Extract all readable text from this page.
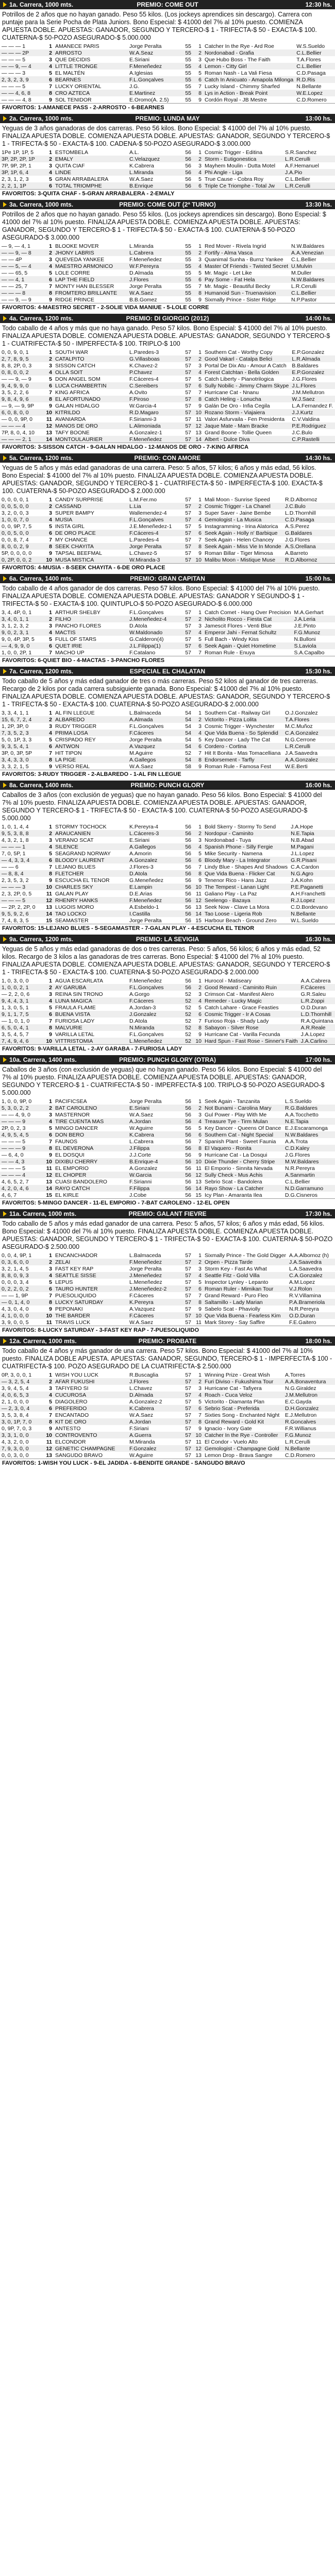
1a. Carrera, 1000 mts.	PREMIO: COME OUT	12:30 hs.
Potrillos de 2 años que no hayan ganado. Peso 55 kilos. (Los jockeys aprendices sin descargo). Carrera con puntaje para la Serie Pocha de Plata Juniors. Bono Especial: $ 41000 del 7% al 10% puesto. COMIENZA APUESTA DOBLE. APUESTAS: GANADOR, SEGUNDO Y TERCERO-$ 1 - TRIFECTA-$ 50 - EXACTA-$ 100. CUATERNA-$ 50-POZO ASEGURADO-$ 5.000.000
— — — 1	1	AMANECE PARIS	Jorge Peralta	55	1	Catcher In the Rye - Ard Roe	W.S.Sueldo
— — — 2P	2	ARROSTO	W.A.Seaz	55	2	Nordonabad - Grafia	C.L.Bellier
— — — 5	3	QUE DECIDIS	E.Siriani	55	3	Que Hubo Boss - The Faith	T.A.Flores
— — 9, — 4	4	LITTLE TRONGE	F.Meneñedez	55	4	Lemon - Citty Girl	C.L.Bellier
— — — 3	5	EL MALTÉN	A.Iglesias	55	5	Roman Nash - La Vali Fiesa	C.D.Pasaga
2, 3, 2, 3, 9	6	BEARNES	F.L.Gonçalves	55	6	Catch In Anicuato - Amapola Milonga	R.D.Ris
— — — 5	7	LUCKY ORIENTAL	J.G.	55	7	Lucky Island - Chimmy Sharfed	N.Bellante
— — 4, 6, 8	8	CRO AZTECA	E.Martinez	55	8	Lys in Action - Break Point	W.E.Lopez
— — — 4, 8	9	SOL TENIDOR	E.Oromo(A. 2.5)	55	9	Cordón Royal - JB Mestre	C.D.Romero
FAVORITOS: 1-AMANECE PASS - 2-ARROSTO - 6-BEARNES
2a. Carrera, 1000 mts.	PREMIO: LUNDA MAY	13:00 hs.
Yeguas de 3 años ganadoras de dos carreras. Peso 56 kilos. Bono Especial: $ 41000 del 7% al 10% puesto. FINALIZA APUESTA DOBLE. COMIENZA APUESTA DOBLE. APUESTAS: GANADOR, SEGUNDO Y TERCERO-$ 1 - TRIFECTA-$ 50 - EXACTA-$ 100. CADENA-$ 50-POZO ASEGURADO-$ 3.000.000
1Pe 1P, 1P, 5	1	ESTOMBELA	A.L.	56	1	Cosmic Trigger - Editina	S.R.Sanchez
3P, 2P, 2P, 1P	2	EMALY	C.Velazquez	56	2	Storm - Eutigonestica	L.R.Cerulli
7P, 9P, 2P, 1	3	QUITA CIAF	K.Cabrera	56	3	Mayhem Moulin - Dutta Motel	A.F.Hemanuel
3P, 1P, 6, 4	4	LINDE	L.Miranda	56	4	Phi Angle - Liga	J.A.Pio
2, 3, 1, 2, 3	5	GRAN ARRABALERA	W.A.Saez	56	5	True Cause - Cobra Roy	C.L.Bellier
2, 2, 1, 1P	6	TOTAL TRIOMPHE	B.Enrique	56	6	Triple Ce Triomphe - Total Jw	L.R.Cerulli
FAVORITOS: 3-QUITA CHAF - 5-GRAN ARRABALERA - 2-EMALY
3a. Carrera, 1000 mts.	PREMIO: COME OUT (2ª TURNO)	13:30 hs.
Potrillos de 2 años que no hayan ganado. Peso 55 kilos. (Los jockeys aprendices sin descargo). Bono Especial: $ 41000 del 7% al 10% puesto. FINALIZA APUESTA DOBLE. COMIENZA APUESTA DOBLE. APUESTAS: GANADOR, SEGUNDO Y TERCERO-$ 1 - TRIFECTA-$ 50 - EXACTA-$ 100. CUATERNA-$ 50-POZO ASEGURADO-$ 3.000.000
— 9, — 4, 1	1	BLOOKE MOVER	L.Miranda	55	1	Red Mover - Rivela Ingrid	N.W.Baldares
— — 9, — 8	2	JHONY LABRIS	L.Cabrera	55	2	Fortify - Alma Vasca	A.A.Venezian
— — 4P	3	QUEVEDA YANKEE	F.Meneñedez	55	3	Quanimal Sunha - Burnz Yankee	C.L.Bellier
— — 5, — 4	4	MAESTRO ARMONICO	W.F.Pereyra	55	4	Master Of Friends - Twisted Secret	U.Mulvin
— — 65, 5	5	LOLE CORRE	D.Almada	55	5	Mr. Magic - Let Like	M.Duller
— — 4, 1	6	LAP THE FIELD	J.Flores	55	6	Pay Some - Fat Hela	N.W.Baldares
— — 25, 7	7	MONTY HAN BLESSER	Jorge Peralta	55	7	Mr. Magic - Beautiful Becky	L.R.Cerulli
— — — 8	8	FROMTERO BRILLANTE	W.A.Saez	55	8	Humanoid Sun - Truenavision	C.L.Bellier
— — 9, — 9	9	RIDGE PRINCE	B.B.Gomez	55	9	Sixmally Prince - Sister Ridge	N.P.Pastor
FAVORITOS: 4-MAESTRO SECRET - 2-SOLIE VIDA MANIUE - 5-LOLE CORRE
4a. Carrera, 1200 mts.	PREMIO: DI GIORGIO (2012)	14:00 hs.
Todo caballo de 4 años y más que no haya ganado. Peso 57 kilos. Bono Especial: $ 41000 del 7% al 10% puesto. FINALIZA APUESTA DOBLE. COMIENZA APUESTA DOBLE. APUESTAS: GANADOR, SEGUNDO Y TERCERO-$ 1 - CUATRIFECTA-$ 50 - IMPERFECTA-$ 100. TRIPLO-$ 100
0, 0, 9, 0, 1	1	SOUTH WAR	L.Paredes-3	57	1	Southern Cat - Worthy Copy	E.P.Gonzalez
2, 7, 8, 9, 5	2	CATALPITO	G.Villasboas	57	2	Good Vakarl - Catalpa Belici	L.R.Almada
8, 8, 2P, 0, 3	3	SISSON CATCH	K.Chavez-2	57	3	Portal De Dix Atu - Amour A Catch	B.Baldares
0, 8, 0, 0, 2	4	OLLA SOIT	P.Chavez	57	4	Forest Catchtan - Bella Golden	E.P.Gonzalez
— — 9, — 9	5	DON ANGEL SOM	F.Cáceres-4	57	5	Catch Liberty - Pianotrilogica	J.G.Flores
9, 4, 9, 9, 0	6	LUCA CHAMBERTIN	C.Sereibers	57	6	Sully Nobilic - Jimmy Charm Skype	J.L.Flores
3, 5, 2, 2, 6	7	KING AFRICA	A.Ovito	57	7	Hurricane Cat - Nnanu	J.M.Mellutron
9, 8, 4, 9, 6	8	EL AFORTUNADO	F.Piroso	57	8	Catch Heling - Lonucha	W.J.Saez
— 9, — 9, 9P	9	GALAN HIDALGO	W.Garcia-4	57	9	Galán De Oro - Infia Cegila	L.A.Fernandez F.
6, 0, 8, 0, 0	10	KITRILDO	R.D.Magaro	57	10	Rozano Storm - Viajaiera	J.J.Kurtz
— 0, 0, 9P, 0	11	AVANIARDA	F.Sirianni-3	57	11	Valori Asfurvaila - Fen Presidenta	C.V.Valdina
— — — 4	12	MANOS DE ORO	L.Alimoniada	57	12	Jaque Mate - Mam Bracke	P.E.Rodriguez
7P, 8, 0, 4, 10	13	TAFY BOONE	A.Gonzalez-1	57	13	Grand Boone - Tollie Queen	J.C.Bulo
— — — 2, 1	14	MONTOULAURIER	F.Meneñedez	57	14	Albert - Dulce Diva	C.P.Rastelli
FAVORITOS: 3-SISSON CATCH - 9-GALAN HIDALGO - 12-MANOS DE ORO - 7-KING AFRICA
5a. Carrera, 1200 mts.	PREMIO: CON AMORE	14:30 hs.
Yeguas de 5 años y más edad ganadoras de una carrera. Peso: 5 años, 57 kilos; 6 años y más edad, 56 kilos. Bono Especial: $ 41000 del 7% al 10% puesto. FINALIZA APUESTA DOBLE. COMIENZA APUESTA DOBLE. APUESTAS: GANADOR, SEGUNDO Y TERCERO-$ 1 - CUATRIFECTA-$ 50 - IMPERFECTA-$ 100. EXACTA-$ 100. CUATERNA-$ 50-POZO ASEGURADO-$ 2.000.000
0, 0, 0, 0, 1	1	CANDY SURPRISE	L.M.Fer.mo	57	1	Mali Moon - Sunrise Speed	R.D.Albornoz
0, 0, 5, 0, 0	2	CASSAND	L.Lia	57	2	Cosmic Trigger - La Chanel	J.C.Bulo
3, 2, 0, 0, 3	3	SUPER BAMPY	Wallemendez-4	57	3	Super Saver - Jaine Bembe	L.D.Thornhill
1, 0, 0, 7, 0	4	MUSIA	F.L.Gonçalves	57	4	Gemologist - La Musica	C.D.Pasaga
0, 0, 9P, 7, 5	5	INSTA GIRL	J.E.Meneñedez-1	57	5	Instagramming - Irina Alatorica	A.S.Perez
0, 0, 5, 0, 0	6	DE ORO PLACE	F.Cáceres-4	57	6	Seek Again - Holly n' Barbique	G.Baldares
0, 0, 8, 7, 4	7	MY CHANCE	L.Paredes-4	57	7	Seek Again - Helen Chancey	J.G.Flores
8, 0, 0, 2, 9	8	SEEK CHAYITA	Jorge Peralta	57	8	Seek Again - Miss Vie In Monde	A.S.Orellana
5P, 0, 0, 0, 0	9	TAPSAL BEEFMAL	L.Chavez-5	57	9	Roman Billar - Tiger Mimosa	A.Barreto
0, 2P, 0, 0, 2	10	MUSA MISTICA	W.Miranda-3	57	10	Malibu Moon - Mistique Muse	R.D.Albornoz
FAVORITOS: 4-MUSIA - 8-SEEK CHAYITA - 6-DE ORO PLACE
6a. Carrera, 1400 mts.	PREMIO: GRAN CAPITAN	15:00 hs.
Todo caballo de 4 años ganador de dos carreras. Peso 57 kilos. Bono Especial: $ 41000 del 7% al 10% puesto. FINALIZA APUESTA DOBLE. COMIENZA APUESTA DOBLE. APUESTAS: GANADOR Y SEGUNDO-$ 1 - TRIFECTA-$ 50 - EXACTA-$ 100. QUINTUPLO-$ 50-POZO ASEGURADO-$ 6.000.000
3, 4, 4P, 0, 1	1	ARTHUR SHELBY	F.L.Gonçalves	57	1	Catch Comet - Hang Over Precision	M.A.Gerhart
3, 4, 0, 1, 1	2	FILHO	J.Meneñedez-4	57	2	Nicholito Rocco - Fiesta Cat	J.A.Leria
3, 1, 2, 3, 2	3	PANCHO FLORES	D.Atola	57	3	Jamescit Flores - Venti Blue	J.E.Pinto
9, 0, 2, 3, 1	4	MACTIS	W.Maldonado	57	4	Emperor Jahi - Fernat Schultz	F.G.Munoz
9, 0, 4P, 3P, 5	5	FULL OF STARS	G.Calderon(4)	57	5	Full Bach - Windy Kiss	N.Bulloni
— 4, 9, 9, 0	6	QUET IRIE	J.L.Filippa(1)	57	6	Seek Again - Quiet Hometime	S.Laviola
1, 0, 0, 2P, 1	7	MACHO UP	F.Catalano	57	7	Roman Rule - Enuya	S.A.Capalbo
FAVORITOS: 6-QUIET BIO - 4-MACTAS - 3-PANCHO FLORES
7a. Carrera, 1200 mts.	ESPECIAL EL CHALATAN	15:30 hs.
Todo caballo de 5 años y más edad ganador de tres o más carreras. Peso 52 kilos al ganador de tres carreras. Recargo de 2 kilos por cada carrera subsiguiente ganada. Bono Especial: $ 41000 del 7% al 10% puesto. FINALIZA APUESTA DOBLE. COMIENZA APUESTA DOBLE. APUESTAS: GANADOR, SEGUNDO Y TERCERO-$ 1 - TRIFECTA-$ 50 - EXACTA-$ 100. CUATERNA-$ 50-POZO ASEGURADO-$ 2.000.000
3, 3, 4, 1, 1	1	AL FIN LLEGUE	L.Balmaceda	54	1	Southern Cat - Railway Girl	O.J.Gonzalez
15, 6, 7, 2, 4	2	ALBAREDO	A.Almada	54	2	Victorito - Pizza Lolita	T.A.Flores
1, 2P, 3P, 0	3	RUDY TRIGGER	F.L.Gonçalves	54	3	Cosmic Trigger - Wynchester	M.C.Muñoz
7, 3, 5, 2, 3	4	PRIMA LOSA	F.Cáceres	54	4	Que Vida Buena - So Splendid	C.A.Gonzalez
5, 0, 1P, 3, 3	5	CRISPADO REY	Jorge Peralta	54	5	Key Dancer - Lady The Cat	N.G.Cerrone
9, 3, 5, 4, 1	6	ANTWON	A.Vazquez	54	6	Cordero - Cortina	L.R.Cerulli
3P, 0, 3P, 5P	7	HIT TIPON	M.Aguirre	52	7	Hit It Bonita - Mas Tomacelliana	J.A.Saavedra
3, 4, 3, 3, 0	8	LA PIGE	A.Gallegos	54	8	Endorsement - Tarfly	A.A.Gonzalez
3, 3, 2, 1, 5	9	VERSO REAL	W.A.Saez	58	9	Roman Rule - Famosa Fest	W.E.Berti
FAVORITOS: 3-RUDY TRIGGER - 2-ALBAREDO - 1-AL FIN LLEGUE
8a. Carrera, 1400 mts.	PREMIO: PUNCH GLORY	16:00 hs.
Caballos de 3 años (con exclusión de yeguas) que no hayan ganado. Peso 56 kilos. Bono Especial: $ 41000 del 7% al 10% puesto. FINALIZA APUESTA DOBLE. COMIENZA APUESTA DOBLE. APUESTAS: GANADOR, SEGUNDO Y TERCERO-$ 1 - TRIFECTA-$ 50 - EXACTA-$ 100. CUATERNA-$ 50-POZO ASEGURADO-$ 5.000.000
1, 0, 1, 4, 4	1	STORMY TOCHOCK	K.Pereyra-4	56	1	Bold Skerry - Stormy To Send	J.A.Hope
9, 5, 3, 8, 8	2	ARAUCANIEN	L.Cáceres-3	56	2	Nordopur - Caminito	N.E.Tapia
4, 3, 2, 1, 8	3	VERANO SCAT	E.Siriani	56	3	Nordonabad - Tuya	N.B.Abad
— — — 1	4	SILENCE	A.Gallegos	56	4	Spanish Phone - Silly Fergie	M.Pagani
7, 0, 5P, 1	5	SEAGRAND NORWAY	A.Amorin	56	5	Mike Security - Namena	J.L.Lopez
— 4, 3, 3, 4	6	BLOODY LAURENT	A.Gonzalez	56	6	Bloody Mary - La Integrator	G.R.Pisani
— — 6	7	LEJANO BLUES	J.Flores-3	56	7	Lindy Blue - Shapes And Shadows	C.A.Cardon
— 8, 8, 4	8	FLETCHER	D.Atola	56	8	Que Vida Buena - Flicker Cat	N.G.Agro
2, 3, 5, 3, 2	9	ESCUCHA EL TENOR	G.Meneñedez	56	9	Tenenor Rico - Hans Jazz	J.A.Kohn
— — — 3	10	CHARLES SKY	E.Lampin	56	10	The Tempest - Lanan Light	P.E.Paganetti
2, 3, 2P, 0, 5	11	GALAN PLAY	D.E.Arias	56	11	Galiano Play - La Paz	A.H.Franchetti
— — — 5	12	RHENRY HANKS	F.Meneñedez	56	12	Seelengo - Bazaya	R.J.Lopez
— 2P, 2, 2P, 0	13	LUGOIS MORO	A.Esbeldo-1	56	13	Seek Now - Clave La Mora	C.D.Bordevano
9, 5, 9, 2, 6	14	TAO LOCKO	I.Castilla	56	14	Tao Loose - Ligeria Rob	N.Bellante
7, 4, 8, 3, 5	15	SEAMASTER	Jorge Peralta	56	15	Harbour Beach - Ground Zero	W.L.Sueldo
FAVORITOS: 15-LEJANO BLUES - 5-SEGAMASTER - 7-GALAN PLAY - 4-ESCUCHA EL TENOR
9a. Carrera, 1200 mts.	PREMIO: LA SEVIGIA	16:30 hs.
Yeguas de 5 años y más edad ganadoras de dos o tres carreras. Peso: 5 años, 56 kilos; 6 años y más edad, 52 kilos. Recargo de 3 kilos a las ganadoras de tres carreras. Bono Especial: $ 41000 del 7% al 10% puesto. FINALIZA APUESTA DOBLE. COMIENZA APUESTA DOBLE. APUESTAS: GANADOR, SEGUNDO Y TERCERO-$ 1 - TRIFECTA-$ 50 - EXACTA-$ 100. CUATERNA-$ 50-POZO ASEGURADO-$ 2.000.000
1, 0, 3, 0, 0	1	AGUA ESCARLATA	F.Meneñedez	56	1	Hurocol - Matiseary	A.A.Cabrera
1, 0, 0, 2, 1	2	AY GARUBA	F.L.Gonçalves	56	2	Good Reward - Caminito Ruin	F.Cáceres
— 2, 2, 0, 6	3	REINA SIN TRONO	A.Gorgo	52	3	Crimson Cat - Manifest Alero	G.R.Saleu
9, 4, 4, 3, 1	4	LUNA MAGICA	F.Cáceres	52	4	Remeder - Lucky Magic	L.R.Zoppi
1, 3, 0, 5, 1	5	FRAULA FLAME	A.Jordan-3	52	5	Catch Lahare - Grace Feasties	O.D.Duran
9, 1, 1, 7, 5	6	BUENA VISTA	J.Gonzalez	52	6	Cosmic Trigger - Ir A Cosas	L.D.Thornhill
— 1, 0, 1, 0	7	FURIOSA LADY	D.Atola	52	7	Furioso Roja - Shady Lady	R.A.Quintana
6, 5, 0, 4, 1	8	MALVURIE	N.Miranda	52	8	Sabayon - Silver Rose	A.R.Reale
3, 5, 4, 5, 7	9	VARILLA LETAL	F.L.Gonçalves	52	9	Hurricane Cat - Varilla Fecunda	J.A.Lopez
7, 4, 9, 4, 6	10	VITTRISTOMIA	L.Meneñedez	52	10	Hard Spun - Fast Rose - Sinner's Faith	J.A.Carlino
FAVORITOS: 9-VARILLA LETAL - 2-AY GARABA - 7-FURIOSA LADY
10a. Carrera, 1400 mts.	PREMIO: PUNCH GLORY (OTRA)	17:00 hs.
Caballos de 3 años (con exclusión de yeguas) que no hayan ganado. Peso 56 kilos. Bono Especial: $ 41000 del 7% al 10% puesto. FINALIZA APUESTA DOBLE. COMIENZA APUESTA DOBLE. APUESTAS: GANADOR, SEGUNDO Y TERCERO-$ 1 - CUATRIFECTA-$ 50 - IMPERFECTA-$ 100. TRIPLO-$ 50-POZO ASEGURADO-$ 5.000.000
1, 0, 0, 9P, 0	1	PACIFICSEA	Jorge Peralta	56	1	Seek Again - Tanzanita	L.S.Sueldo
5, 3, 0, 2, 2	2	BAT CAROLENO	E.Siriani	56	2	Not Bunami - Carolina Mary	R.G.Baldares
— — 4, 9, 0	3	MASTERNOR	W.A.Saez	56	3	Gul Power - Play With Me	A.A.Tocchetto
— — — 9	4	TIRE CUENTA MAS	A.Jordan	56	4	Treasure Tye - Tirm Mulan	N.E.Tapia
2P, 0, 2, 3	5	MINGO DANCER	W.Aguirre	56	5	Key Dancer - Queens Of Dance	E.J.Escaramonga
4, 9, 5, 4, 5	6	DON BERO	K.Cabrera	56	6	Southern Cat - Night Special	N.W.Baldares
— — — 5	7	FAUNOS	L.Cabrera	56	7	Spanish Plant - Sweet Faunia	A.A.Trota
— — — 9	8	EL DEVERONA	J.Filippa	56	8	El Vaquero - Ronita	C.D.Kaley
— 6, 4, 0	9	EL DOSQUI	J.J.Corte	56	9	Hurricane Cat - La Dosqui	J.G.Flores
— — 4, 3	10	DIXIBU CHERRY	B.Enrique-4	56	10	Dixie Thunder - Cherry Stripe	M.W.Baldares
— — — 5	11	EL EMPORIO	A.Gonzalez	56	11	El Emporio - Sinnita Nevada	N.R.Pereyra
— — — 4	12	EL CHOPER	W.Garcia	56	12	Sully Check - Mus Achis	A.Sanmartin
4, 6, 5, 2, 7	13	CUASI BANDOLERO	F.Sirianni	56	13	Sebrio Scat - Bandolera	C.L.Bellier
4, 2, 0, 4, 6	14	RAYO CATCH	F.Filippa	56	14	Rayo Show - La Catcher	N.D.Garramuno
4, 6, 7	15	EL KIRLE	J.Cobe	56	15	Icy Plan - Amaranta Ilea	D.G.Cisneros
FAVORITOS: 5-MINGO DANCER - 11-EL EMPORIO - 7-BAT CAROLENO - 12-EL OPEN
11a. Carrera, 1000 mts.	PREMIO: GALANT FIEVRE	17:30 hs.
Todo caballo de 5 años y más edad ganador de una carrera. Peso: 5 años, 57 kilos; 6 años y más edad, 56 kilos. Bono Especial: $ 41000 del 7% al 10% puesto. FINALIZA APUESTA DOBLE. COMIENZA APUESTA DOBLE. APUESTAS: GANADOR, SEGUNDO Y TERCERO-$ 1 - TRIFECTA-$ 50 - EXACTA-$ 100. CUATERNA-$ 50-POZO ASEGURADO-$ 2.500.000
0, 0, 4, 9P, 1	1	ENCANCHADOR	L.Balmaceda	57	1	Sixmally Prince - The Gold Digger	A.A.Albornoz (h)
0, 3, 6, 0, 0	2	ZELAI	F.Meneñedez	57	2	Orpen - Pizza Tarde	J.A.Saavedra
3, 2, 1, 4, 5	3	FAST KEY RAP	Jorge Peralta	57	3	Storm Key - Fast As What	L.A.Saavedra
8, 8, 0, 9, 3	4	SEATTLE SISSE	J.Meneñedez	57	4	Seattle Fitz - Gold Villa	C.A.Gonzalez
0, 0, 0, 3, 4	5	LEPUS	L.Meneñedez	57	5	Inspector Lynley - Lepanto	A.M.Lopez
0, 2, 2, 0, 2	6	TAURO HUNTER	J.Meneñedez-2	57	6	Roman Ruler - Mimikan Tour	V.J.Rolon
— — 1, 9P	7	PUESOLIQUIDO	F.Cáceres	57	7	Grand Reward - Puro Fleo	R.V.Villamina
— 0, 1, 4, 0	8	LUCKY SATURDAY	K.Pereyra	57	8	Saltamillo - Lady Marian	P.A.Brameriola
4, 3, 0, 4, 0	9	PEPONAKI	A.Vazquez	57	9	Sabelo Scat - Phaviolly	N.R.Pereyra
4, 1, 0, 0, 0	10	THE BARDER	F.Cáceres	57	10	Que Vida Buena - Fearless Kim	O.D.Duran
3, 9, 0, 0, 5	11	TRAVIS LUCK	W.A.Saez	57	11	Mark Storey - Say Saffire	F.E.Gaitero
FAVORITOS: 8-LUCKY SATURDAY - 3-FAST KEY RAP - 7-PUESOLIQUIDO
12a. Carrera, 1000 mts.	PREMIO: PROBATE	18:00 hs.
Todo caballo de 4 años y más ganador de una carrera. Peso 57 kilos. Bono Especial: $ 41000 del 7% al 10% puesto. FINALIZA DOBLE APUESTA. APUESTAS: GANADOR, SEGUNDO, TERCERO-$ 1 - IMPERFECTA-$ 100 - CUATRIFECTA-$ 100. POZO ASEGURADO DE LA CUATRIFECTA-$ 2.500.000
0P, 3, 0, 0, 1	1	WISH YOU LUCK	R.Buscaglia	57	1	Winning Prize - Great Wish	A.Torres
— 3, 2, 5, 4	2	AFAR FUKUSHI	J.Flores	57	2	Furi Diviso - Fukushima Tour	A.A.Bonaventura
3, 9, 4, 5, 4	3	TAFIYERO SI	L.Chavez	57	3	Hurricane Cat - Tafiyera	N.G.Giraldez
4, 0, 6, 5, 3	4	CUCUROSA	D.Almada	57	4	Roach - Cuca Veloz	J.M.Mellutron
2, 1, 0, 0, 0	5	DIAGOLERO	A.Gonzalez-2	57	5	Victorito - Diamanta Plan	E.C.Gayda
— 2, 3, 0, 4	6	PREFERIDO	K.Cabrera	57	6	Sebrio Scat - Preferida	D.H.Gonzalez
3, 5, 3, 8, 4	7	ENCANTADO	W.A.Saez	57	7	Sixties Song - Enchanted Night	E.J.Mellutron
3, 0, 1P, 7, 0	8	KIT DE ORO	A.Jordan	57	8	Grand Reward - Gold Kit	R.Goncalves
0, 9P, 7, 0, 3	9	ANTESTO	F.Siriani	57	9	Ignacio - Ivory Gate	F.R.Willianus
3, 3, 1, 0, 0	10	CONTROVENTO	A.Guerra	57	10	Catcher In the Rye - Controller	F.G.Munoz
4, 3, 2, 0, 0	11	ELCONDOR	M.Miranda	57	11	El Condor - Vuelo Alto	L.R.Cerulli
7, 9, 3, 0, 0	12	GENETIC CHAMPAGNE	F.Gonzalez	57	12	Gemologist - Champagne Gold	N.Bellante
0, 0, 3, 0, 0	13	SANGUDO BRAVO	W.Aguirre	57	13	Lemon Drop - Brava Sangre	C.D.Romero
FAVORITOS: 1-WISH YOU LUCK - 9-EL JADIDA - 6-BENDITE GRANDE - SANGUDO BRAVO
